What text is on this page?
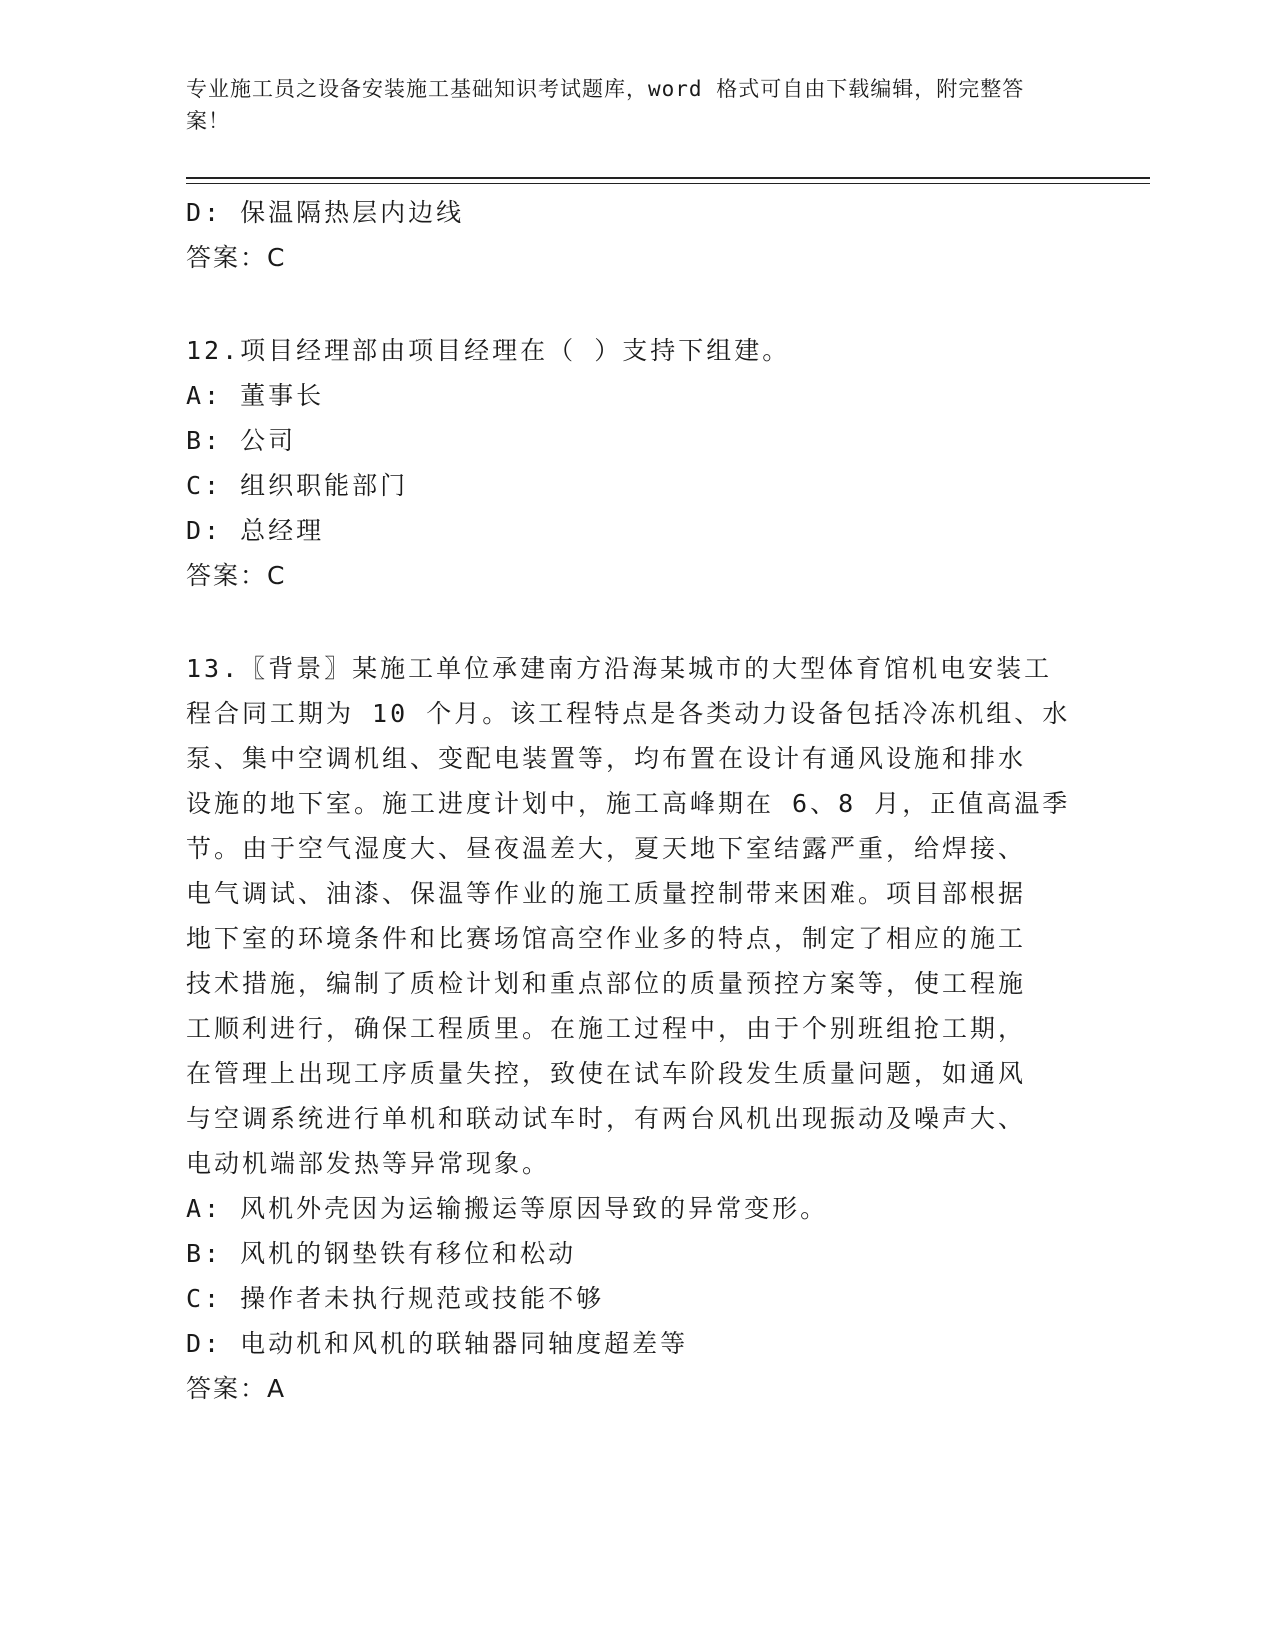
专业施工员之设备安装施工基础知识考试题库，word 格式可自由下载编辑，附完整答案！
D: 保温隔热层内边线
答案：C
12.项目经理部由项目经理在（ ）支持下组建。
A: 董事长
B: 公司
C: 组织职能部门
D: 总经理
答案：C
13.〖背景〗某施工单位承建南方沿海某城市的大型体育馆机电安装工
程合同工期为 10 个月。该工程特点是各类动力设备包括冷冻机组、水
泵、集中空调机组、变配电装置等，均布置在设计有通风设施和排水
设施的地下室。施工进度计划中，施工高峰期在 6、8 月，正值高温季
节。由于空气湿度大、昼夜温差大，夏天地下室结露严重，给焊接、
电气调试、油漆、保温等作业的施工质量控制带来困难。项目部根据
地下室的环境条件和比赛场馆高空作业多的特点，制定了相应的施工
技术措施，编制了质检计划和重点部位的质量预控方案等，使工程施
工顺利进行，确保工程质里。在施工过程中，由于个别班组抢工期，
在管理上出现工序质量失控，致使在试车阶段发生质量问题，如通风
与空调系统进行单机和联动试车时，有两台风机出现振动及噪声大、
电动机端部发热等异常现象。
A: 风机外壳因为运输搬运等原因导致的异常变形。
B: 风机的钢垫铁有移位和松动
C: 操作者未执行规范或技能不够
D: 电动机和风机的联轴器同轴度超差等
答案：A
